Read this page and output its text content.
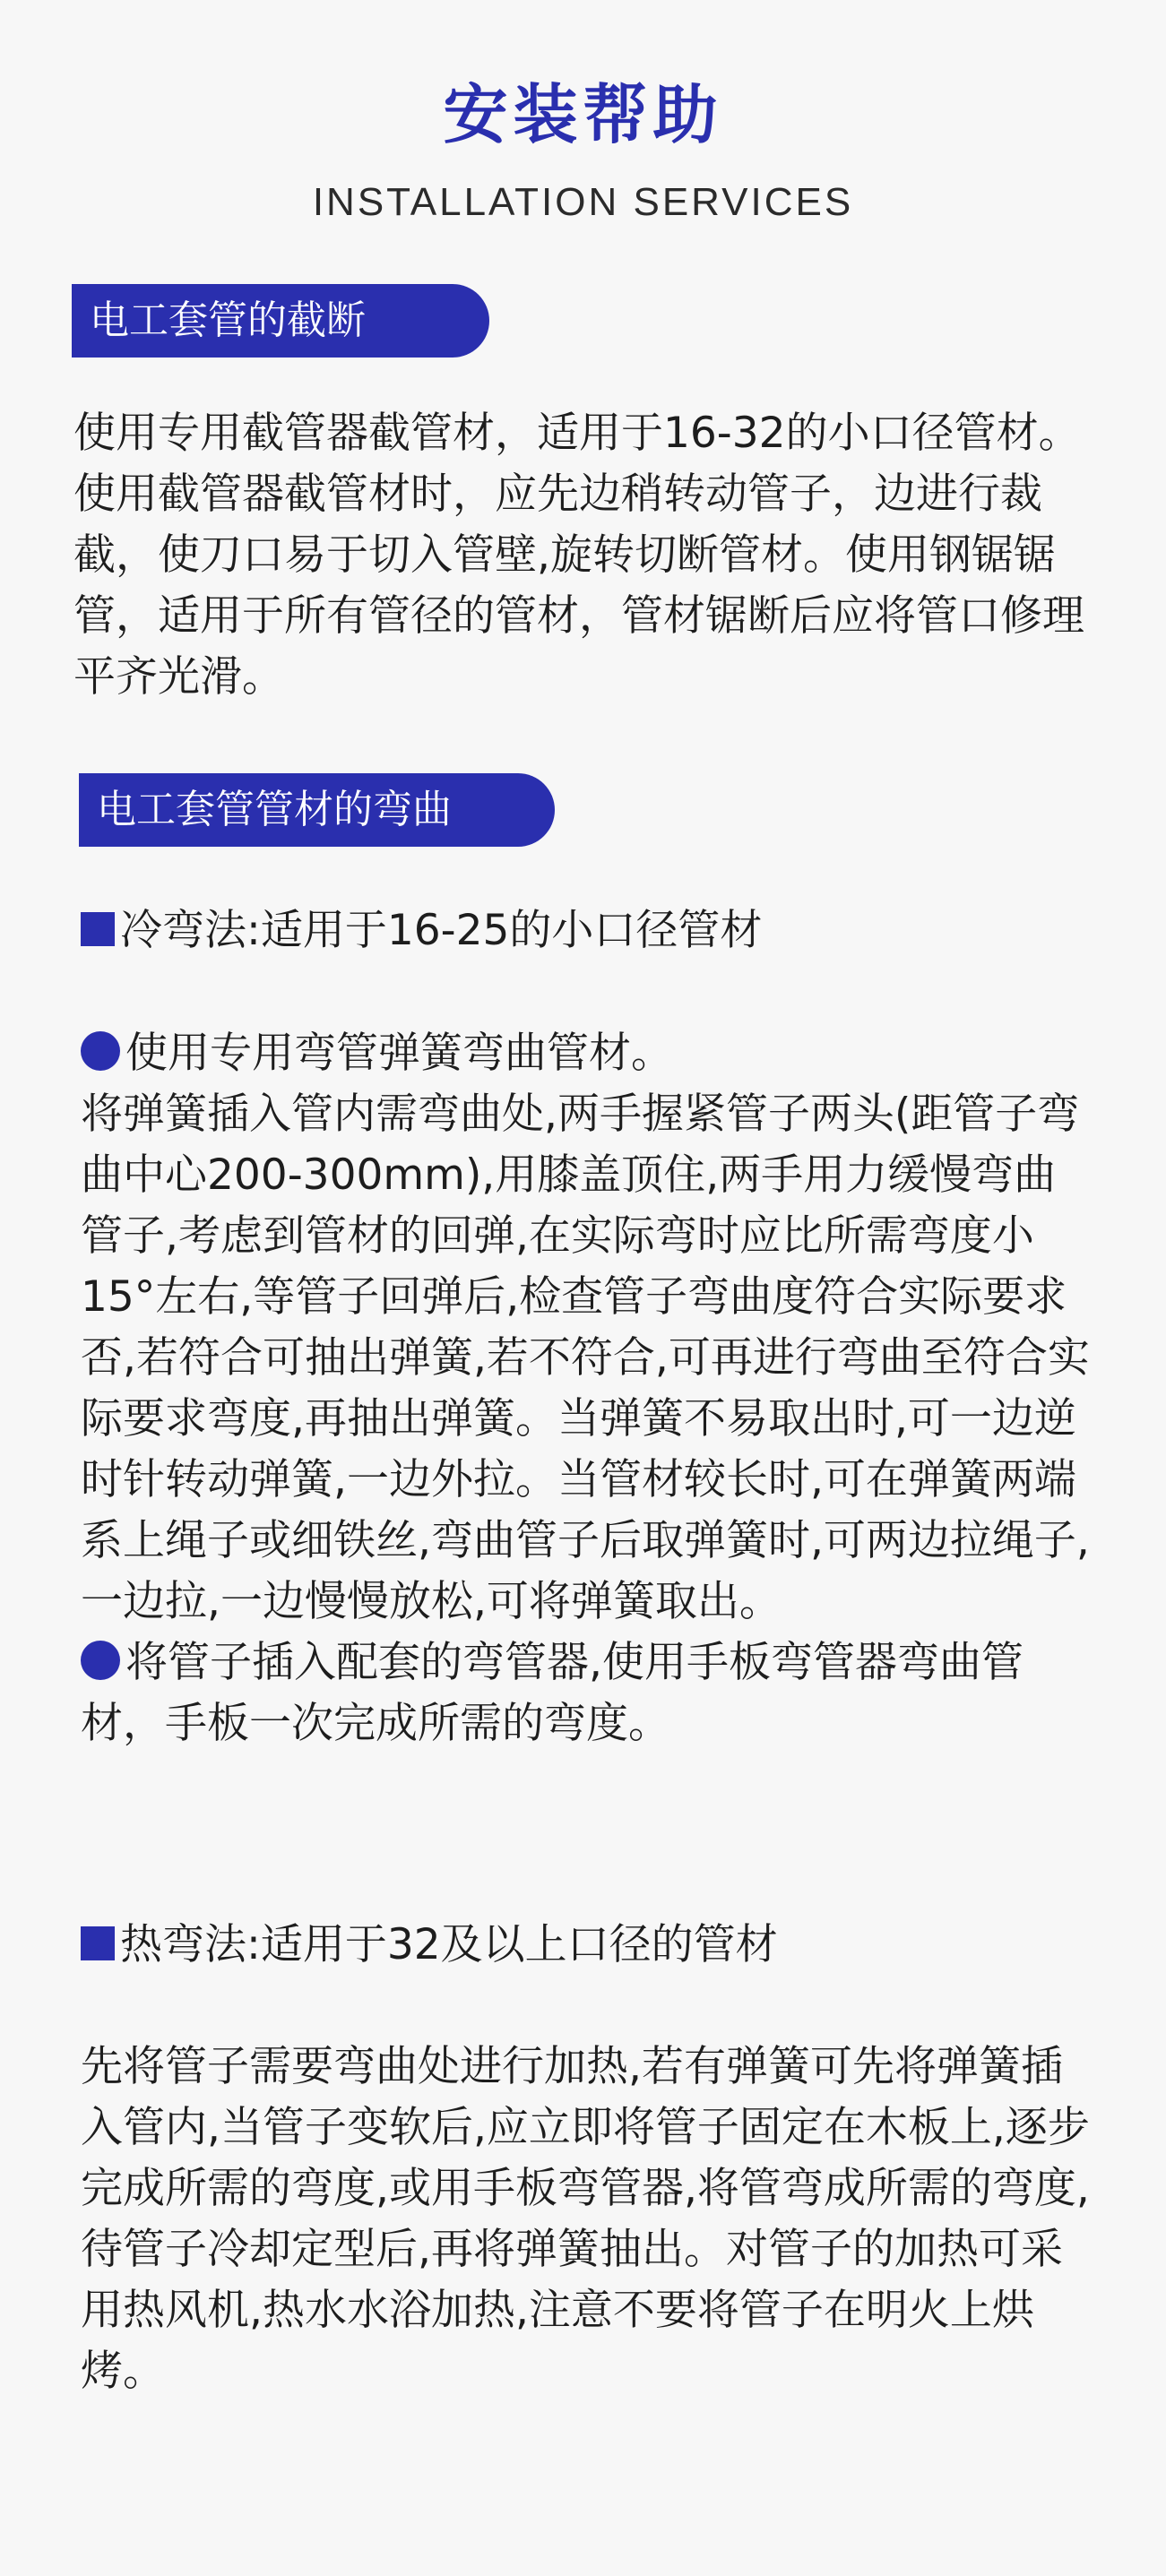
安装帮助
INSTALLATION SERVICES
电工套管的截断
使用专用截管器截管材，适用于16-32的小口径管材。使用截管器截管材时，应先边稍转动管子，边进行裁截，使刀口易于切入管壁,旋转切断管材。使用钢锯锯管，适用于所有管径的管材，管材锯断后应将管口修理平齐光滑。
电工套管管材的弯曲
冷弯法:适用于16-25的小口径管材
使用专用弯管弹簧弯曲管材。
将弹簧插入管内需弯曲处,两手握紧管子两头(距管子弯曲中心200-300mm),用膝盖顶住,两手用力缓慢弯曲管子,考虑到管材的回弹,在实际弯时应比所需弯度小15°左右,等管子回弹后,检查管子弯曲度符合实际要求否,若符合可抽出弹簧,若不符合,可再进行弯曲至符合实际要求弯度,再抽出弹簧。当弹簧不易取出时,可一边逆时针转动弹簧,一边外拉。当管材较长时,可在弹簧两端系上绳子或细铁丝,弯曲管子后取弹簧时,可两边拉绳子,一边拉,一边慢慢放松,可将弹簧取出。
将管子插入配套的弯管器,使用手板弯管器弯曲管材，手板一次完成所需的弯度。
热弯法:适用于32及以上口径的管材
先将管子需要弯曲处进行加热,若有弹簧可先将弹簧插入管内,当管子变软后,应立即将管子固定在木板上,逐步完成所需的弯度,或用手板弯管器,将管弯成所需的弯度,待管子冷却定型后,再将弹簧抽出。对管子的加热可采用热风机,热水水浴加热,注意不要将管子在明火上烘烤。
